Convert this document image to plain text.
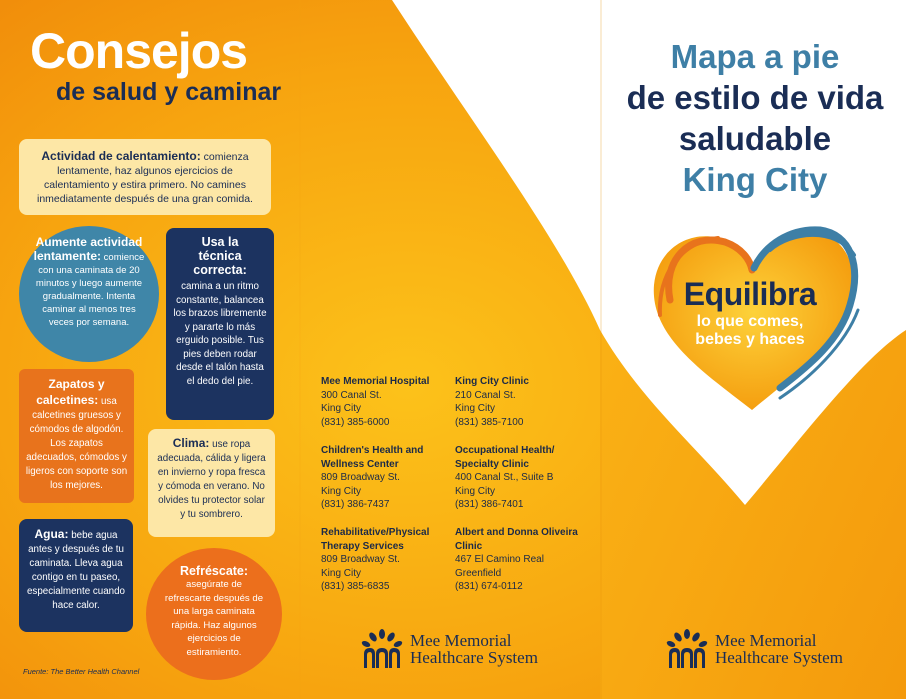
Consejos
de salud y caminar
Actividad de calentamiento: comienza lentamente, haz algunos ejercicios de calentamiento y estira primero. No camines inmediatamente después de una gran comida.
Aumente actividad lentamente: comience con una caminata de 20 minutos y luego aumente gradualmente. Intenta caminar al menos tres veces por semana.
Usa la técnica correcta:
camina a un ritmo constante, balancea los brazos libremente y pararte lo más erguido posible. Tus pies deben rodar desde el talón hasta el dedo del pie.
Zapatos y calcetines: usa calcetines gruesos y cómodos de algodón. Los zapatos adecuados, cómodos y ligeros con soporte son los mejores.
Clima: use ropa adecuada, cálida y ligera en invierno y ropa fresca y cómoda en verano. No olvides tu protector solar y tu sombrero.
Agua: bebe agua antes y después de tu caminata. Lleva agua contigo en tu paseo, especialmente cuando hace calor.
Refréscate:
asegúrate de refrescarte después de una larga caminata rápida. Haz algunos ejercicios de estiramiento.
Fuente: The Better Health Channel
Mee Memorial Hospital
300 Canal St.
King City
(831) 385-6000
King City Clinic
210 Canal St.
King City
(831) 385-7100
Children's Health and Wellness Center
809 Broadway St.
King City
(831) 386-7437
Occupational Health/ Specialty Clinic
400 Canal St., Suite B
King City
(831) 386-7401
Rehabilitative/Physical Therapy Services
809 Broadway St.
King City
(831) 385-6835
Albert and Donna Oliveira Clinic
467 El Camino Real
Greenfield
(831) 674-0112
Mee Memorial
Healthcare System
Mapa a pie
de estilo de vida
saludable
King City
Equilibra
lo que comes,
bebes y haces
Mee Memorial
Healthcare System
